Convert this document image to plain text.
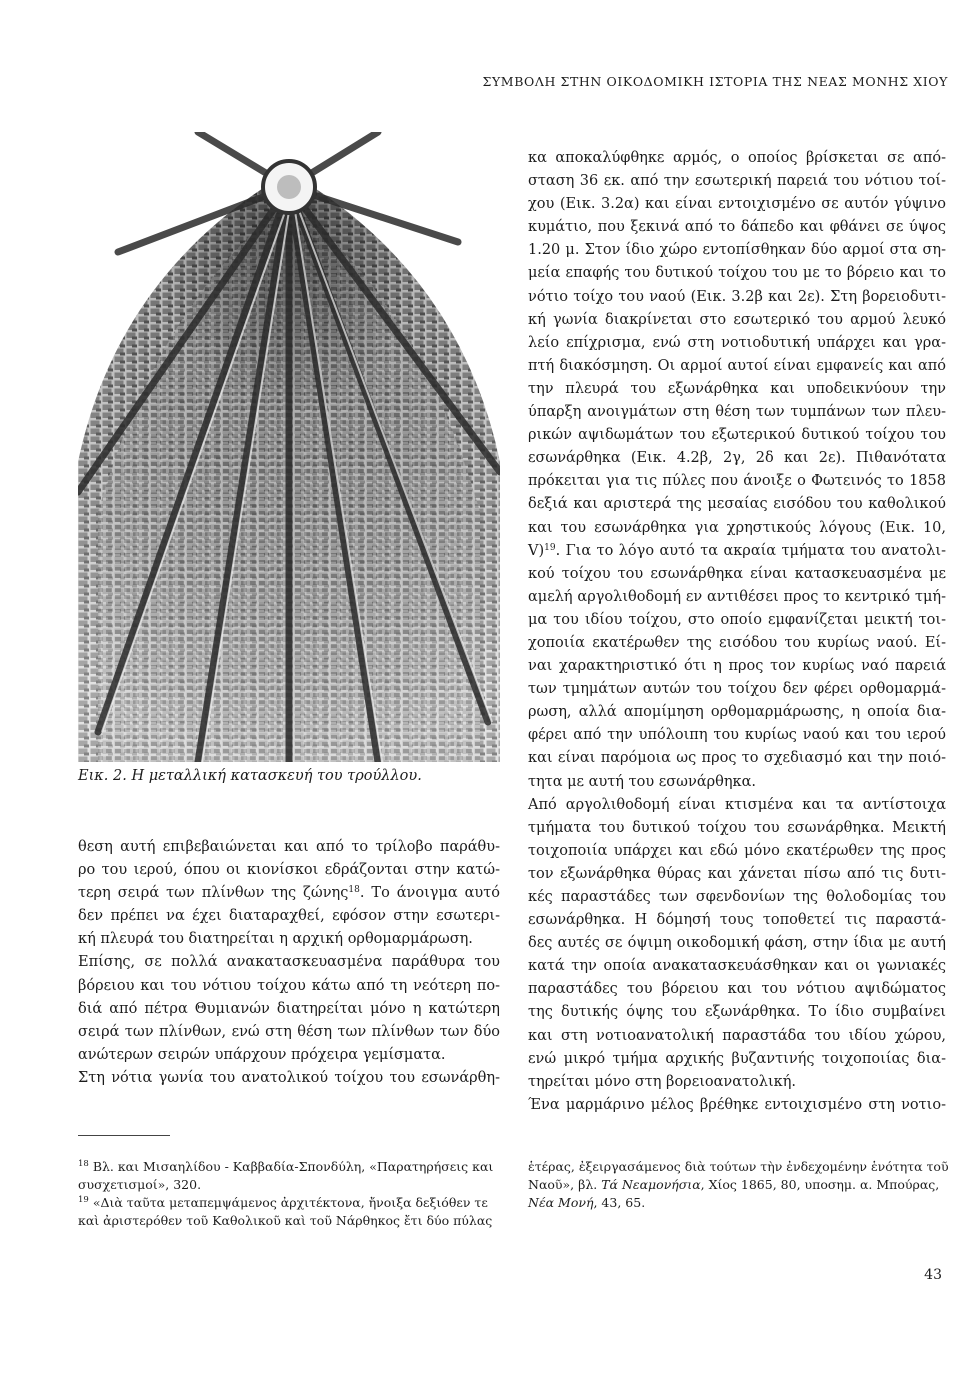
ΣΥΜΒΟΛΗ ΣΤΗΝ ΟΙΚΟΔΟΜΙΚΗ ΙΣΤΟΡΙΑ ΤΗΣ ΝΕΑΣ ΜΟΝΗΣ ΧΙΟΥ
Εικ. 2. Η μεταλλική κατασκευή του τρούλλου.
θεση αυτή επιβεβαιώνεται και από το τρίλοβο παράθυ-
ρο του ιερού, όπου οι κιονίσκοι εδράζονται στην κατώ-
τερη σειρά των πλίνθων της ζώνης$^{18}$. Το άνοιγμα αυτό
δεν πρέπει να έχει διαταραχθεί, εφόσον στην εσωτερι-
κή πλευρά του διατηρείται η αρχική ορθομαρμάρωση.
Επίσης, σε πολλά ανακατασκευασμένα παράθυρα του
βόρειου και του νότιου τοίχου κάτω από τη νεότερη πο-
διά από πέτρα Θυμιανών διατηρείται μόνο η κατώτερη
σειρά των πλίνθων, ενώ στη θέση των πλίνθων των δύο
ανώτερων σειρών υπάρχουν πρόχειρα γεμίσματα.
Στη νότια γωνία του ανατολικού τοίχου του εσωνάρθη-
κα αποκαλύφθηκε αρμός, ο οποίος βρίσκεται σε από-
σταση 36 εκ. από την εσωτερική παρειά του νότιου τοί-
χου (Εικ. 3.2α) και είναι εντοιχισμένο σε αυτόν γύψινο
κυμάτιο, που ξεκινά από το δάπεδο και φθάνει σε ύψος
1.20 μ. Στον ίδιο χώρο εντοπίσθηκαν δύο αρμοί στα ση-
μεία επαφής του δυτικού τοίχου του με το βόρειο και το
νότιο τοίχο του ναού (Εικ. 3.2β και 2ε). Στη βορειοδυτι-
κή γωνία διακρίνεται στο εσωτερικό του αρμού λευκό
λείο επίχρισμα, ενώ στη νοτιοδυτική υπάρχει και γρα-
πτή διακόσμηση. Οι αρμοί αυτοί είναι εμφανείς και από
την πλευρά του εξωνάρθηκα και υποδεικνύουν την
ύπαρξη ανοιγμάτων στη θέση των τυμπάνων των πλευ-
ρικών αψιδωμάτων του εξωτερικού δυτικού τοίχου του
εσωνάρθηκα (Εικ. 4.2β, 2γ, 2δ και 2ε). Πιθανότατα
πρόκειται για τις πύλες που άνοιξε ο Φωτεινός το 1858
δεξιά και αριστερά της μεσαίας εισόδου του καθολικού
και του εσωνάρθηκα για χρηστικούς λόγους (Εικ. 10,
V)$^{19}$. Για το λόγο αυτό τα ακραία τμήματα του ανατολι-
κού τοίχου του εσωνάρθηκα είναι κατασκευασμένα με
αμελή αργολιθοδομή εν αντιθέσει προς το κεντρικό τμή-
μα του ιδίου τοίχου, στο οποίο εμφανίζεται μεικτή τοι-
χοποιία εκατέρωθεν της εισόδου του κυρίως ναού. Εί-
ναι χαρακτηριστικό ότι η προς τον κυρίως ναό παρειά
των τμημάτων αυτών του τοίχου δεν φέρει ορθομαρμά-
ρωση, αλλά απομίμηση ορθομαρμάρωσης, η οποία δια-
φέρει από την υπόλοιπη του κυρίως ναού και του ιερού
και είναι παρόμοια ως προς το σχεδιασμό και την ποιό-
τητα με αυτή του εσωνάρθηκα.
Από αργολιθοδομή είναι κτισμένα και τα αντίστοιχα
τμήματα του δυτικού τοίχου του εσωνάρθηκα. Μεικτή
τοιχοποιία υπάρχει και εδώ μόνο εκατέρωθεν της προς
τον εξωνάρθηκα θύρας και χάνεται πίσω από τις δυτι-
κές παραστάδες των σφενδονίων της θολοδομίας του
εσωνάρθηκα. Η δόμησή τους τοποθετεί τις παραστά-
δες αυτές σε όψιμη οικοδομική φάση, στην ίδια με αυτή
κατά την οποία ανακατασκευάσθηκαν και οι γωνιακές
παραστάδες του βόρειου και του νότιου αψιδώματος
της δυτικής όψης του εξωνάρθηκα. Το ίδιο συμβαίνει
και στη νοτιοανατολική παραστάδα του ιδίου χώρου,
ενώ μικρό τμήμα αρχικής βυζαντινής τοιχοποιίας δια-
τηρείται μόνο στη βορειοανατολική.
Ένα μαρμάρινο μέλος βρέθηκε εντοιχισμένο στη νοτιο-
$^{18}$ Βλ. και Μισαηλίδου - Καββαδία-Σπονδύλη, «Παρατηρήσεις και
συσχετισμοί», 320.
$^{19}$ «Διὰ ταῦτα μεταπεμψάμενος ἀρχιτέκτονα, ἤνοιξα δεξιόθεν τε
καὶ ἀριστερόθεν τοῦ Καθολικοῦ καὶ τοῦ Νάρθηκος ἔτι δύο πύλας
ἑτέρας, ἐξειργασάμενος διὰ τούτων τὴν ἐνδεχομένην ἑνότητα τοῦ
Ναοῦ», βλ. Τά Νεαμονήσια, Χίος 1865, 80, υποσημ. α. Μπούρας,
Νέα Μονή, 43, 65.
43
